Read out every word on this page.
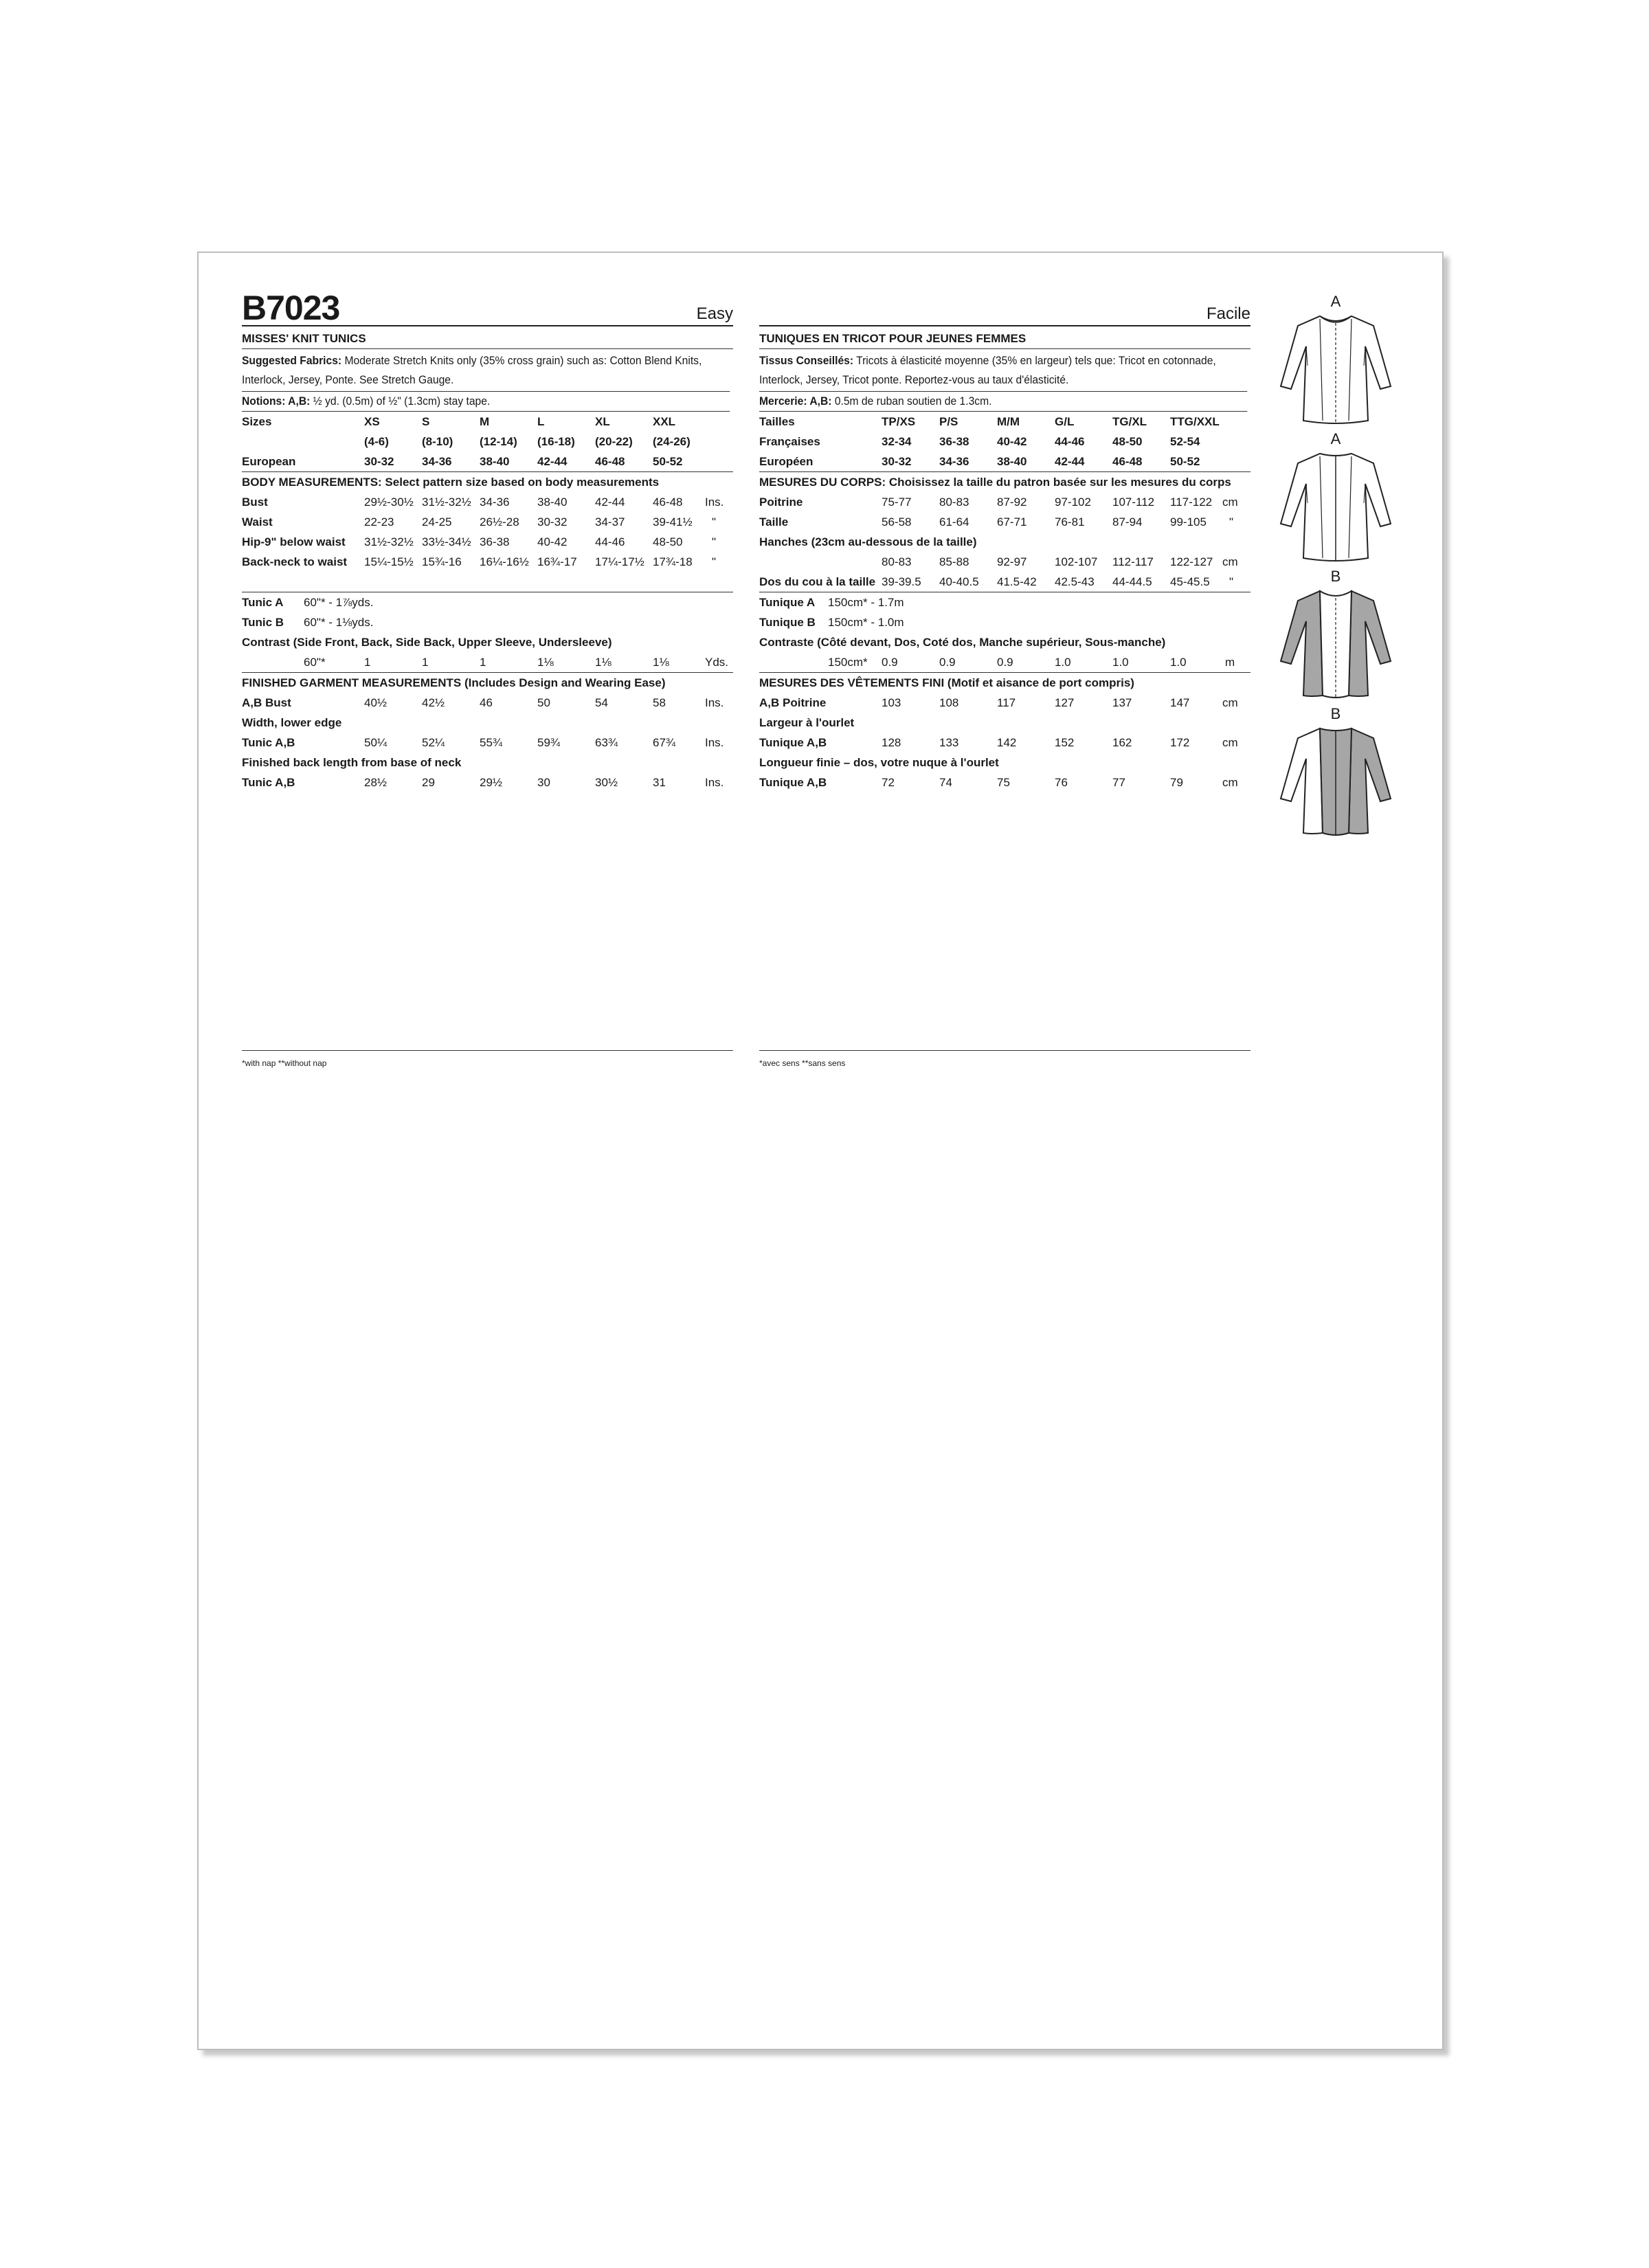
B7023	Easy
MISSES' KNIT TUNICS
Suggested Fabrics: Moderate Stretch Knits only (35% cross grain) such as: Cotton Blend Knits, Interlock, Jersey, Ponte. See Stretch Gauge.
Notions: A,B: ½ yd. (0.5m) of ½" (1.3cm) stay tape.
Sizes	XS	S	M	L	XL	XXL
(4-6)	(8-10) (12-14) (16-18) (20-22) (24-26)
European	30-32 34-36 38-40 42-44 46-48 50-52
BODY MEASUREMENTS: Select pattern size based on body measurements
Bust	29½-30½ 31½-32½ 34-36 38-40 42-44 46-48 Ins.
Waist	22-23 24-25 26½-28 30-32 34-37 39-41½ "
Hip-9" below waist 31½-32½ 33½-34½ 36-38 40-42 44-46 48-50	"
Back-neck to waist 15¼-15½ 15¾-16 16¼-16½ 16¾-17 17¼-17½ 17¾-18 "
Tunic A 60"* - 1⅞yds.
Tunic B 60"* - 1⅛yds.
Contrast (Side Front, Back, Side Back, Upper Sleeve, Undersleeve)
60"*	1	1	1	1⅛	1⅛	1⅛	Yds.
FINISHED GARMENT MEASUREMENTS (Includes Design and Wearing Ease)
A,B Bust	40½	42½	46	50	54	58	Ins.
Width, lower edge
Tunic A,B	50¼	52¼	55¾	59¾	63¾	67¾	Ins.
Finished back length from base of neck
Tunic A,B	28½	29	29½	30	30½	31	Ins.
*with nap **without nap
Facile
TUNIQUES EN TRICOT POUR JEUNES FEMMES
Tissus Conseillés: Tricots à élasticité moyenne (35% en largeur) tels que: Tricot en cotonnade, Interlock, Jersey, Tricot ponte. Reportez-vous au taux d'élasticité.
Mercerie: A,B: 0.5m de ruban soutien de 1.3cm.
Tailles	TP/XS P/S	M/M	G/L	TG/XL TTG/XXL
Françaises	32-34 36-38 40-42 44-46 48-50 52-54
Européen	30-32 34-36 38-40 42-44 46-48 50-52
MESURES DU CORPS: Choisissez la taille du patron basée sur les mesures du corps
Poitrine	75-77 80-83 87-92 97-102 107-112 117-122 cm
Taille	56-58 61-64 67-71 76-81 87-94 99-105 "
Hanches (23cm au-dessous de la taille)
80-83 85-88 92-97 102-107 112-117 122-127 cm
Dos du cou à la taille 39-39.5 40-40.5 41.5-42 42.5-43 44-44.5 45-45.5 "
Tunique A 150cm* - 1.7m
Tunique B 150cm* - 1.0m
Contraste (Côté devant, Dos, Coté dos, Manche supérieur, Sous-manche)
150cm* 0.9	0.9	0.9	1.0	1.0	1.0	m
MESURES DES VÊTEMENTS FINI (Motif et aisance de port compris)
A,B Poitrine	103	108	117	127	137	147	cm
Largeur à l'ourlet
Tunique A,B	128	133	142	152	162	172	cm
Longueur finie – dos, votre nuque à l'ourlet
Tunique A,B	72	74	75	76	77	79	cm
*avec sens **sans sens
A
A
B
B
